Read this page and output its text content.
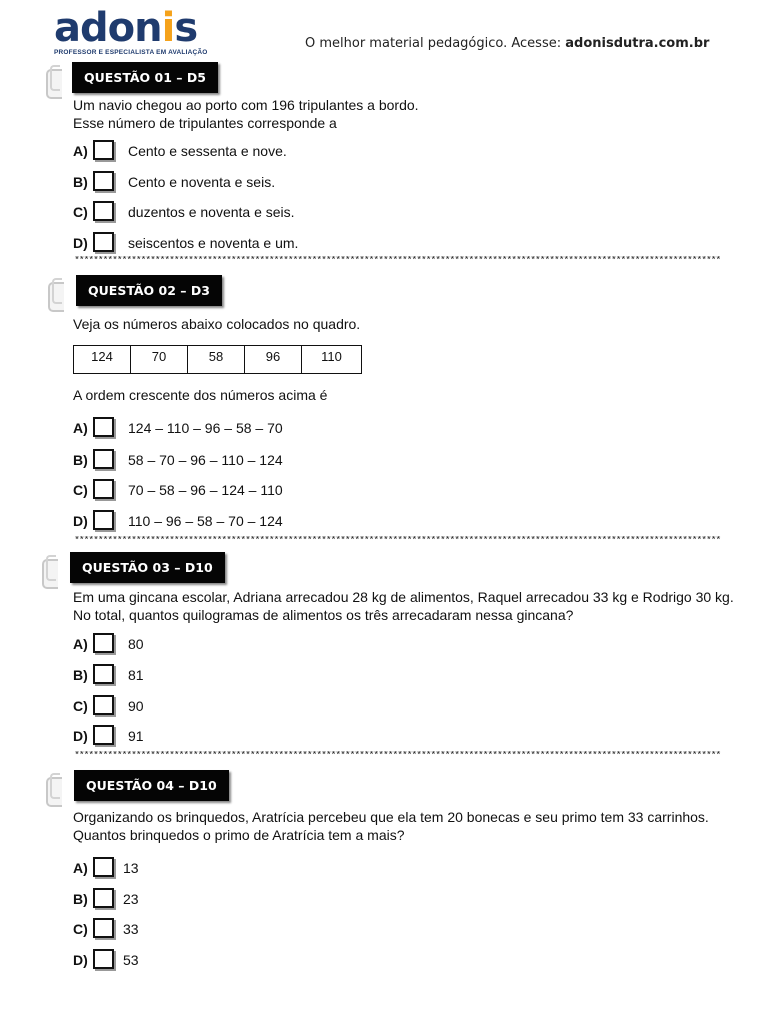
adonis
PROFESSOR E ESPECIALISTA EM AVALIAÇÃO
O melhor material pedagógico. Acesse: adonisdutra.com.br
QUESTÃO 01 – D5
Um navio chegou ao porto com 196 tripulantes a bordo.
Esse número de tripulantes corresponde a
A)	Cento e sessenta e nove.
B)	Cento e noventa e seis.
C)	duzentos e noventa e seis.
D)	seiscentos e noventa e um.
****************************************************************************************************************************************
QUESTÃO 02 – D3
Veja os números abaixo colocados no quadro.
124	70	58	96	110
A ordem crescente dos números acima é
A)	124 – 110 – 96 – 58 – 70
B)	58 – 70 – 96 – 110 – 124
C)	70 – 58 – 96 – 124 – 110
D)	110 – 96 – 58 – 70 – 124
****************************************************************************************************************************************
QUESTÃO 03 – D10
Em uma gincana escolar, Adriana arrecadou 28 kg de alimentos, Raquel arrecadou 33 kg e Rodrigo 30 kg.
No total, quantos quilogramas de alimentos os três arrecadaram nessa gincana?
A)	80
B)	81
C)	90
D)	91
****************************************************************************************************************************************
QUESTÃO 04 – D10
Organizando os brinquedos, Aratrícia percebeu que ela tem 20 bonecas e seu primo tem 33 carrinhos.
Quantos brinquedos o primo de Aratrícia tem a mais?
A)	13
B)	23
C)	33
D)	53
